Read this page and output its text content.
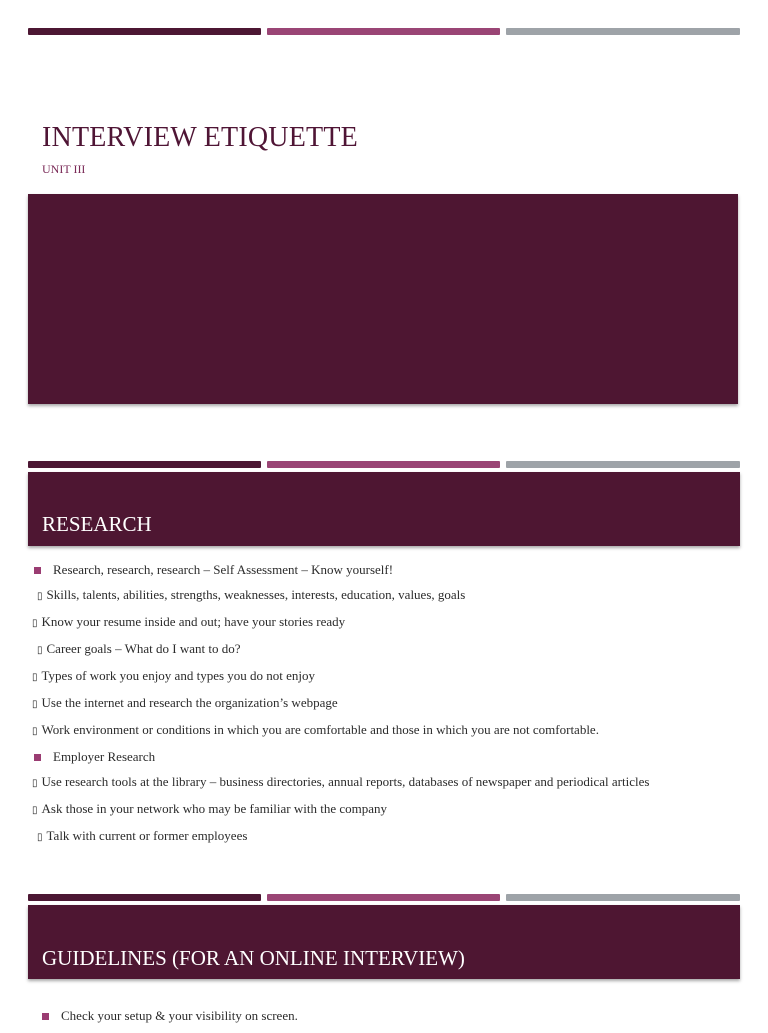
INTERVIEW ETIQUETTE

UNIT III

RESEARCH

Research, research, research – Self Assessment – Know yourself!

▯ Skills, talents, abilities, strengths, weaknesses, interests, education, values, goals

▯ Know your resume inside and out; have your stories ready

▯ Career goals – What do I want to do?

▯ Types of work you enjoy and types you do not enjoy

▯ Use the internet and research the organization’s webpage

▯ Work environment or conditions in which you are comfortable and those in which you are not comfortable.

Employer Research

▯ Use research tools at the library – business directories, annual reports, databases of newspaper and periodical articles

▯ Ask those in your network who may be familiar with the company

▯ Talk with current or former employees

GUIDELINES (FOR AN ONLINE INTERVIEW)

Check your setup & your visibility on screen.
